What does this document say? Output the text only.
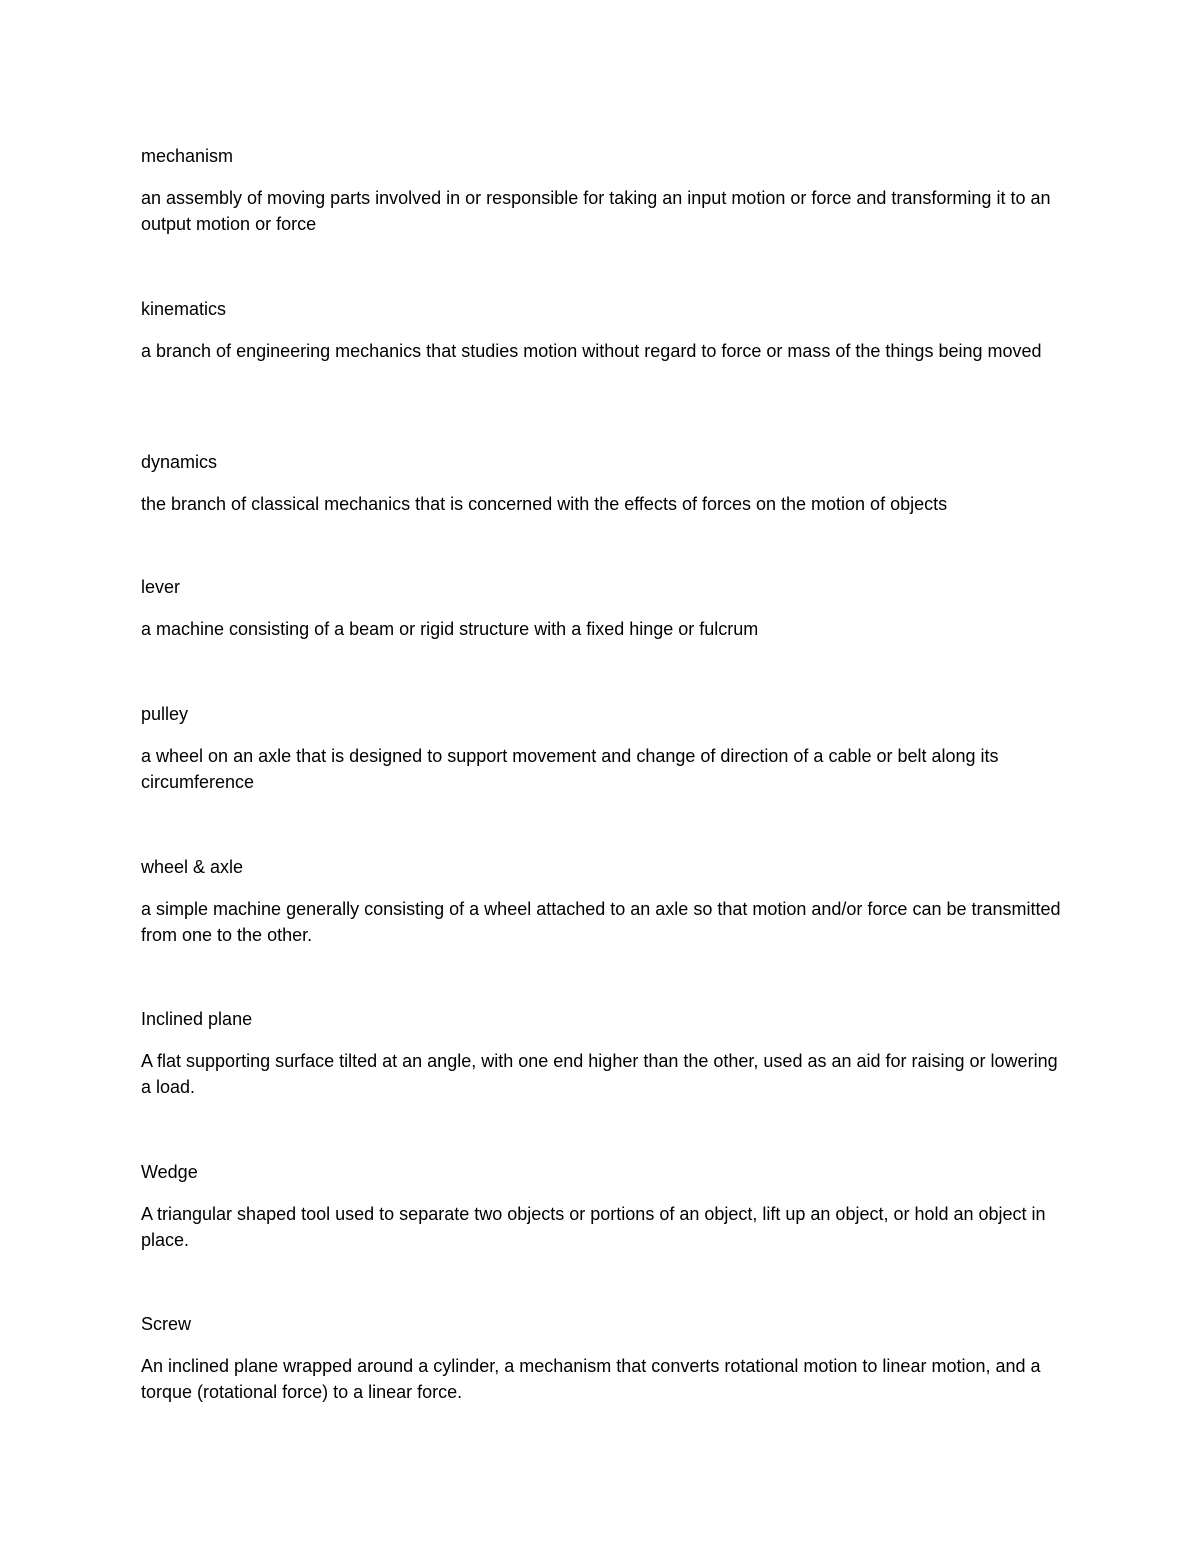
mechanism

an assembly of moving parts involved in or responsible for taking an input motion or force and transforming it to an output motion or force

kinematics

a branch of engineering mechanics that studies motion without regard to force or mass of the things being moved

dynamics

the branch of classical mechanics that is concerned with the effects of forces on the motion of objects

lever

a machine consisting of a beam or rigid structure with a fixed hinge or fulcrum

pulley

a wheel on an axle that is designed to support movement and change of direction of a cable or belt along its circumference

wheel & axle

a simple machine generally consisting of a wheel attached to an axle so that motion and/or force can be transmitted from one to the other.

Inclined plane

A flat supporting surface tilted at an angle, with one end higher than the other, used as an aid for raising or lowering a load.

Wedge

A triangular shaped tool used to separate two objects or portions of an object, lift up an object, or hold an object in place.

Screw

An inclined plane wrapped around a cylinder, a mechanism that converts rotational motion to linear motion, and a torque (rotational force) to a linear force.
